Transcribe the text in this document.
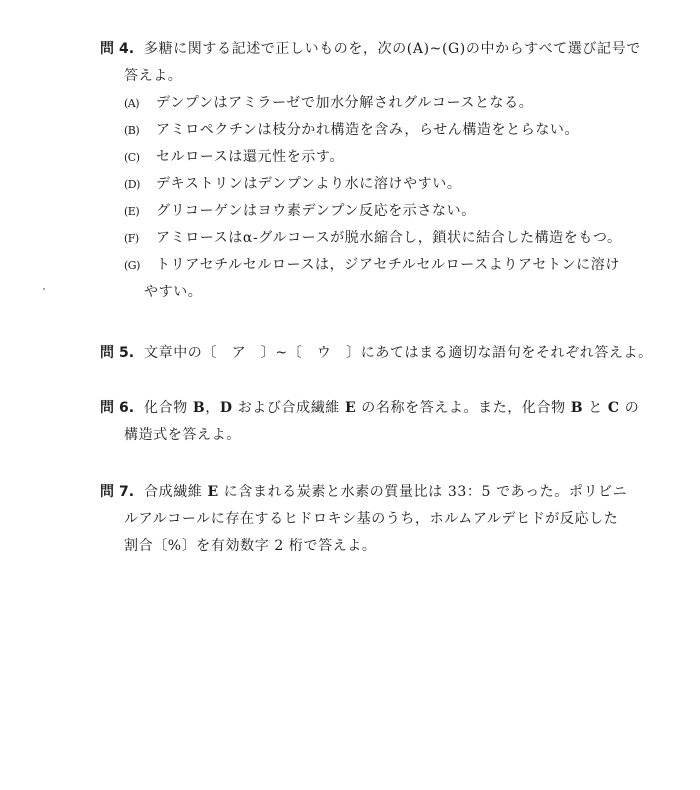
問 4. 多糖に関する記述で正しいものを，次の(A)~(G)の中からすべて選び記号で
答えよ。
(A) デンプンはアミラーゼで加水分解されグルコースとなる。
(B) アミロペクチンは枝分かれ構造を含み，らせん構造をとらない。
(C) セルロースは還元性を示す。
(D) デキストリンはデンプンより水に溶けやすい。
(E) グリコーゲンはヨウ素デンプン反応を示さない。
(F) アミロースはα-グルコースが脱水縮合し，鎖状に結合した構造をもつ。
(G) トリアセチルセルロースは，ジアセチルセルロースよりアセトンに溶け
やすい。
問 5. 文章中の〔　ア　〕~〔　ウ　〕にあてはまる適切な語句をそれぞれ答えよ。
問 6. 化合物 B，D および合成繊維 E の名称を答えよ。また，化合物 B と C の
構造式を答えよ。
問 7. 合成繊維 E に含まれる炭素と水素の質量比は 33：5 であった。ポリビニ
ルアルコールに存在するヒドロキシ基のうち，ホルムアルデヒドが反応した
割合〔%〕を有効数字 2 桁で答えよ。
